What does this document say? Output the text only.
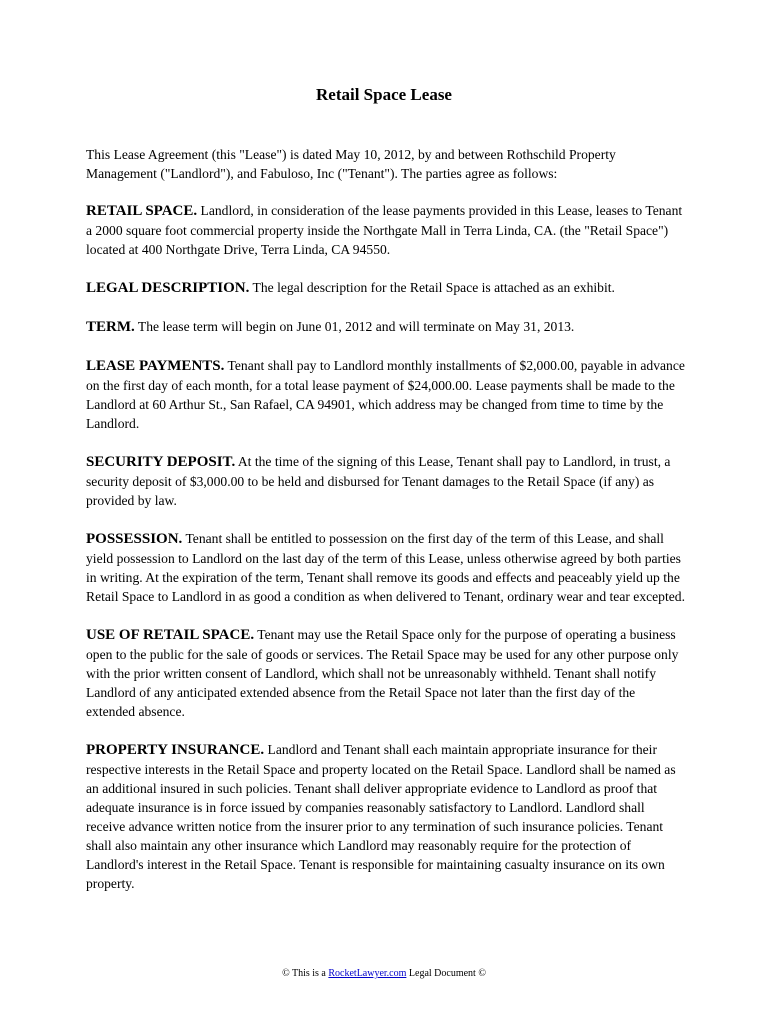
Retail Space Lease

This Lease Agreement (this "Lease") is dated May 10, 2012, by and between Rothschild Property Management ("Landlord"), and Fabuloso, Inc ("Tenant"). The parties agree as follows:

RETAIL SPACE. Landlord, in consideration of the lease payments provided in this Lease, leases to Tenant a 2000 square foot commercial property inside the Northgate Mall in Terra Linda, CA. (the "Retail Space") located at 400 Northgate Drive, Terra Linda, CA 94550.

LEGAL DESCRIPTION. The legal description for the Retail Space is attached as an exhibit.

TERM. The lease term will begin on June 01, 2012 and will terminate on May 31, 2013.

LEASE PAYMENTS. Tenant shall pay to Landlord monthly installments of $2,000.00, payable in advance on the first day of each month, for a total lease payment of $24,000.00. Lease payments shall be made to the Landlord at 60 Arthur St., San Rafael, CA 94901, which address may be changed from time to time by the Landlord.

SECURITY DEPOSIT. At the time of the signing of this Lease, Tenant shall pay to Landlord, in trust, a security deposit of $3,000.00 to be held and disbursed for Tenant damages to the Retail Space (if any) as provided by law.

POSSESSION. Tenant shall be entitled to possession on the first day of the term of this Lease, and shall yield possession to Landlord on the last day of the term of this Lease, unless otherwise agreed by both parties in writing. At the expiration of the term, Tenant shall remove its goods and effects and peaceably yield up the Retail Space to Landlord in as good a condition as when delivered to Tenant, ordinary wear and tear excepted.

USE OF RETAIL SPACE. Tenant may use the Retail Space only for the purpose of operating a business open to the public for the sale of goods or services. The Retail Space may be used for any other purpose only with the prior written consent of Landlord, which shall not be unreasonably withheld. Tenant shall notify Landlord of any anticipated extended absence from the Retail Space not later than the first day of the extended absence.

PROPERTY INSURANCE. Landlord and Tenant shall each maintain appropriate insurance for their respective interests in the Retail Space and property located on the Retail Space. Landlord shall be named as an additional insured in such policies. Tenant shall deliver appropriate evidence to Landlord as proof that adequate insurance is in force issued by companies reasonably satisfactory to Landlord. Landlord shall receive advance written notice from the insurer prior to any termination of such insurance policies. Tenant shall also maintain any other insurance which Landlord may reasonably require for the protection of Landlord's interest in the Retail Space. Tenant is responsible for maintaining casualty insurance on its own property.

© This is a RocketLawyer.com Legal Document ©
